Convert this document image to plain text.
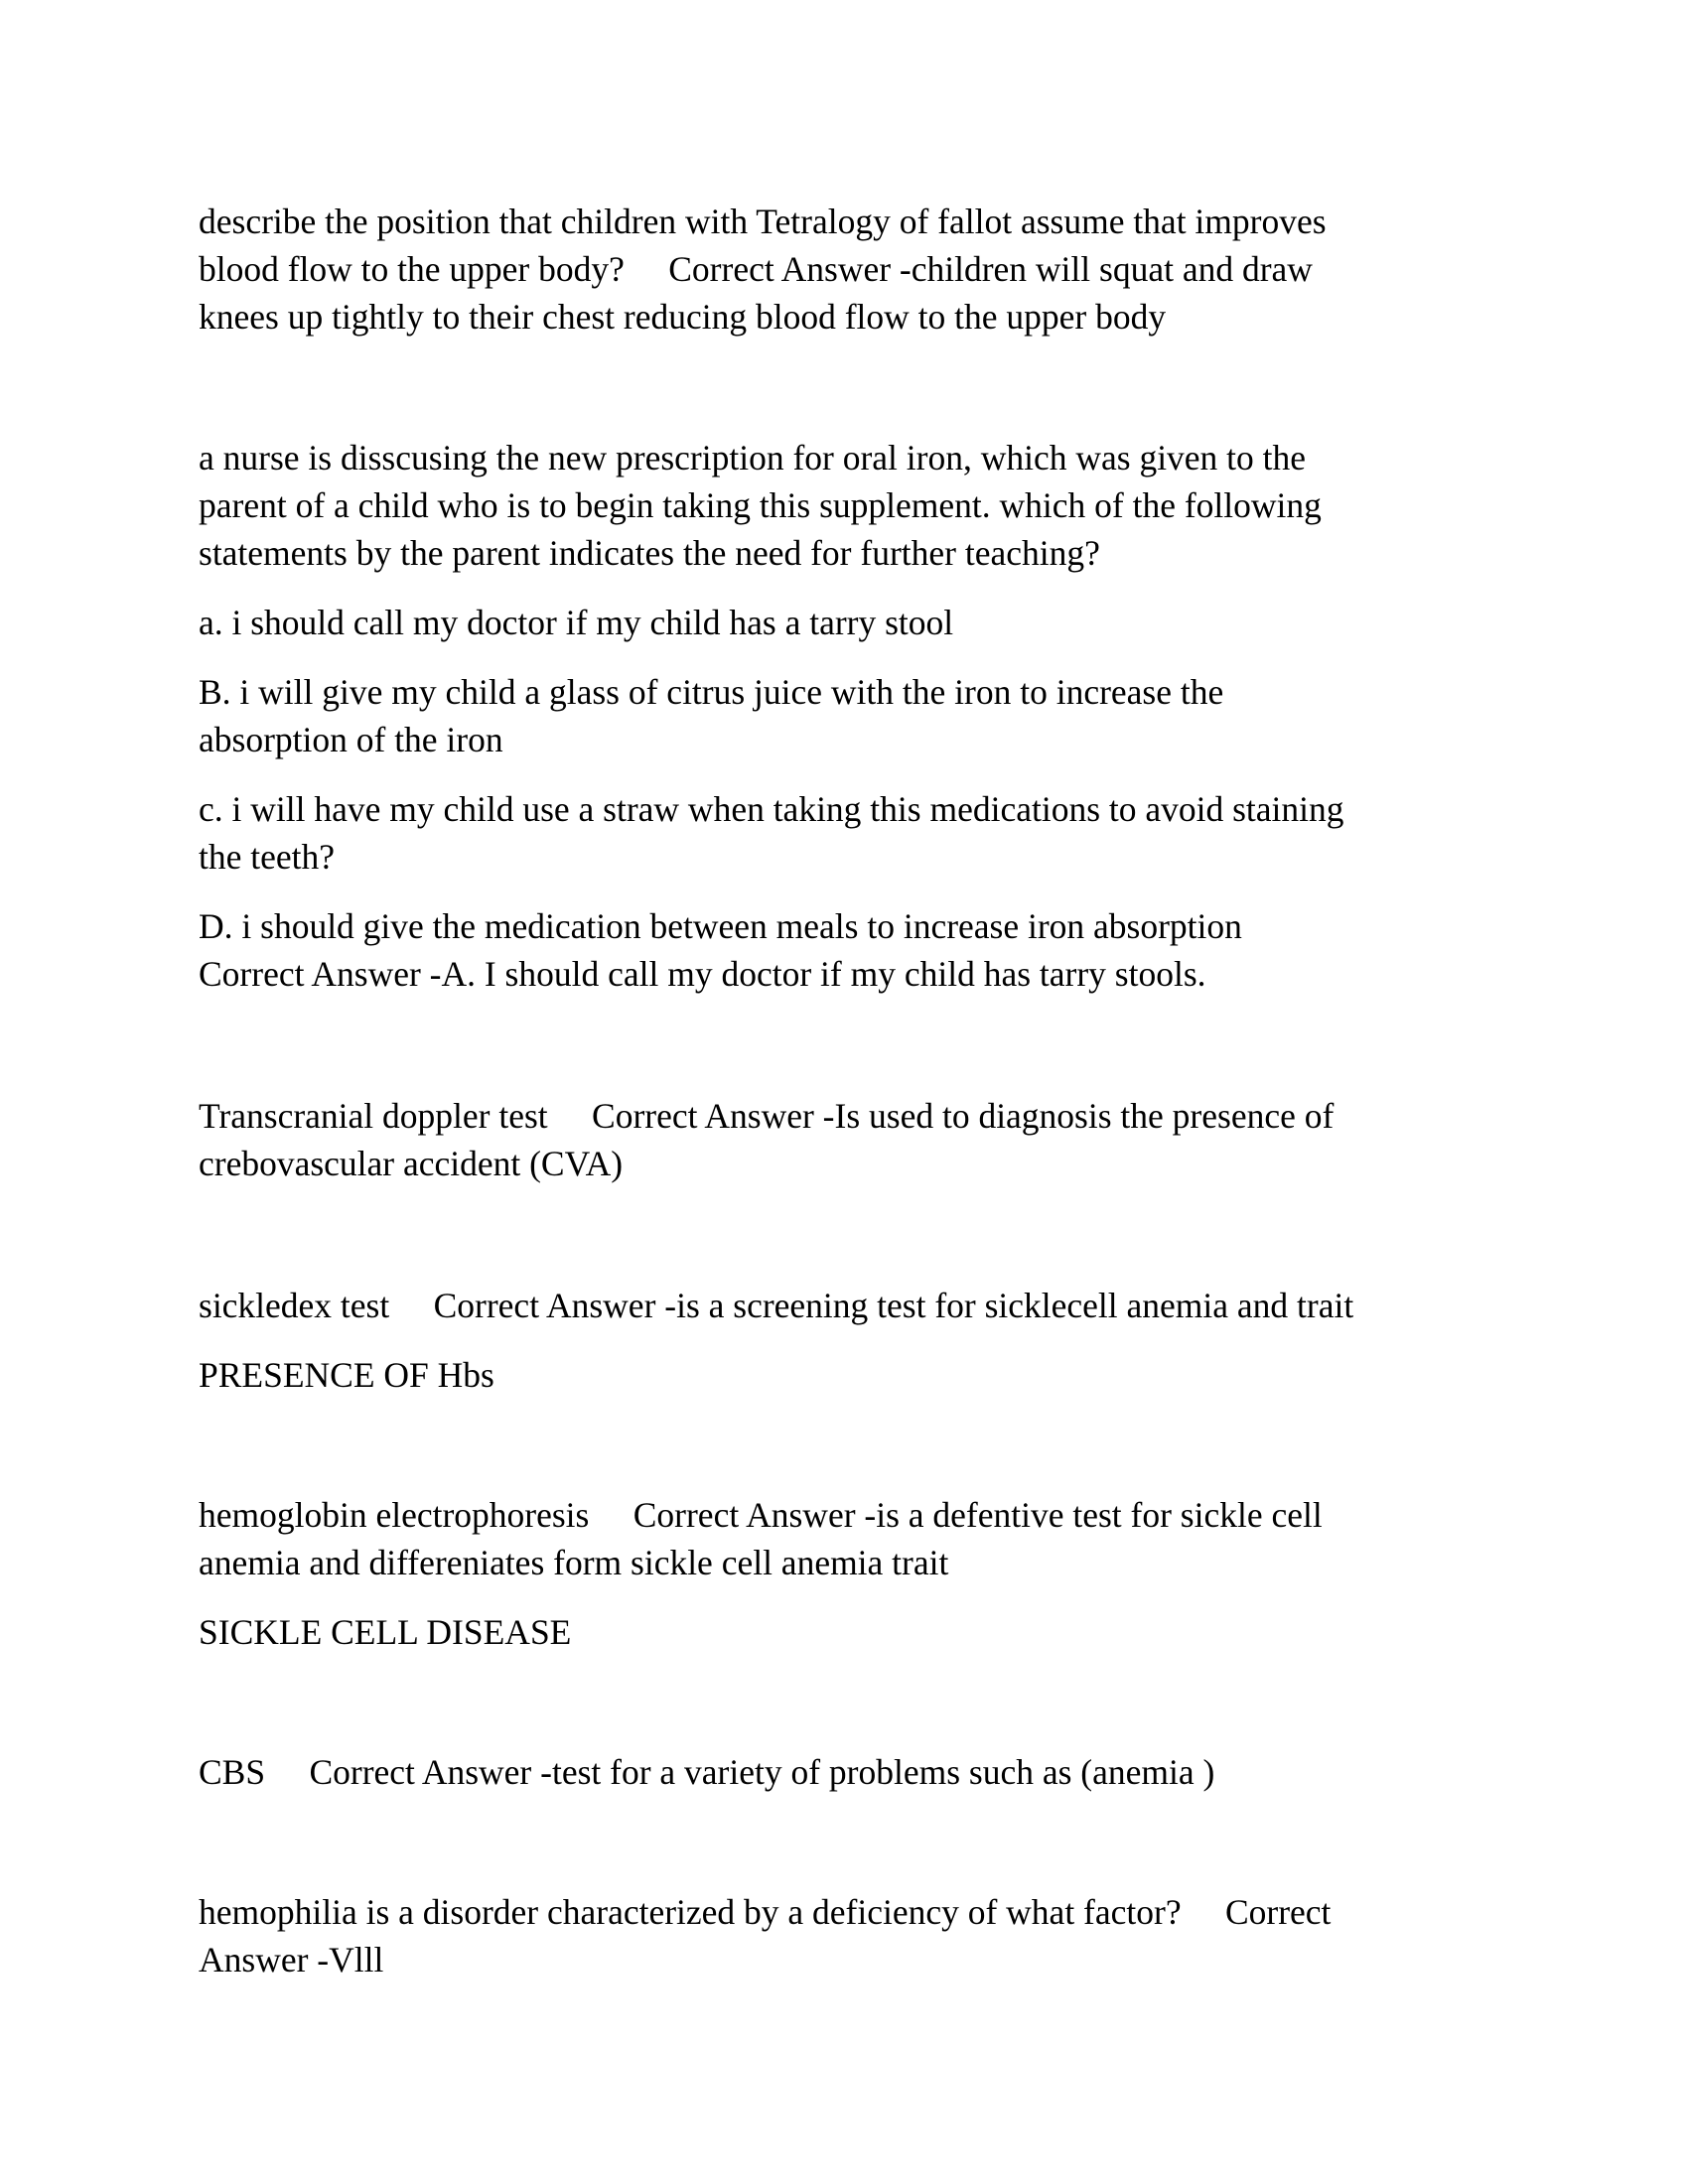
describe the position that children with Tetralogy of fallot assume that improves
blood flow to the upper body?     Correct Answer -children will squat and draw
knees up tightly to their chest reducing blood flow to the upper body

a nurse is disscusing the new prescription for oral iron, which was given to the
parent of a child who is to begin taking this supplement. which of the following
statements by the parent indicates the need for further teaching?

a. i should call my doctor if my child has a tarry stool

B. i will give my child a glass of citrus juice with the iron to increase the
absorption of the iron

c. i will have my child use a straw when taking this medications to avoid staining
the teeth?

D. i should give the medication between meals to increase iron absorption
Correct Answer -A. I should call my doctor if my child has tarry stools.

Transcranial doppler test     Correct Answer -Is used to diagnosis the presence of
crebovascular accident (CVA)

sickledex test     Correct Answer -is a screening test for sicklecell anemia and trait

PRESENCE OF Hbs

hemoglobin electrophoresis     Correct Answer -is a defentive test for sickle cell
anemia and differeniates form sickle cell anemia trait

SICKLE CELL DISEASE

CBS     Correct Answer -test for a variety of problems such as (anemia )

hemophilia is a disorder characterized by a deficiency of what factor?     Correct
Answer -Vlll
